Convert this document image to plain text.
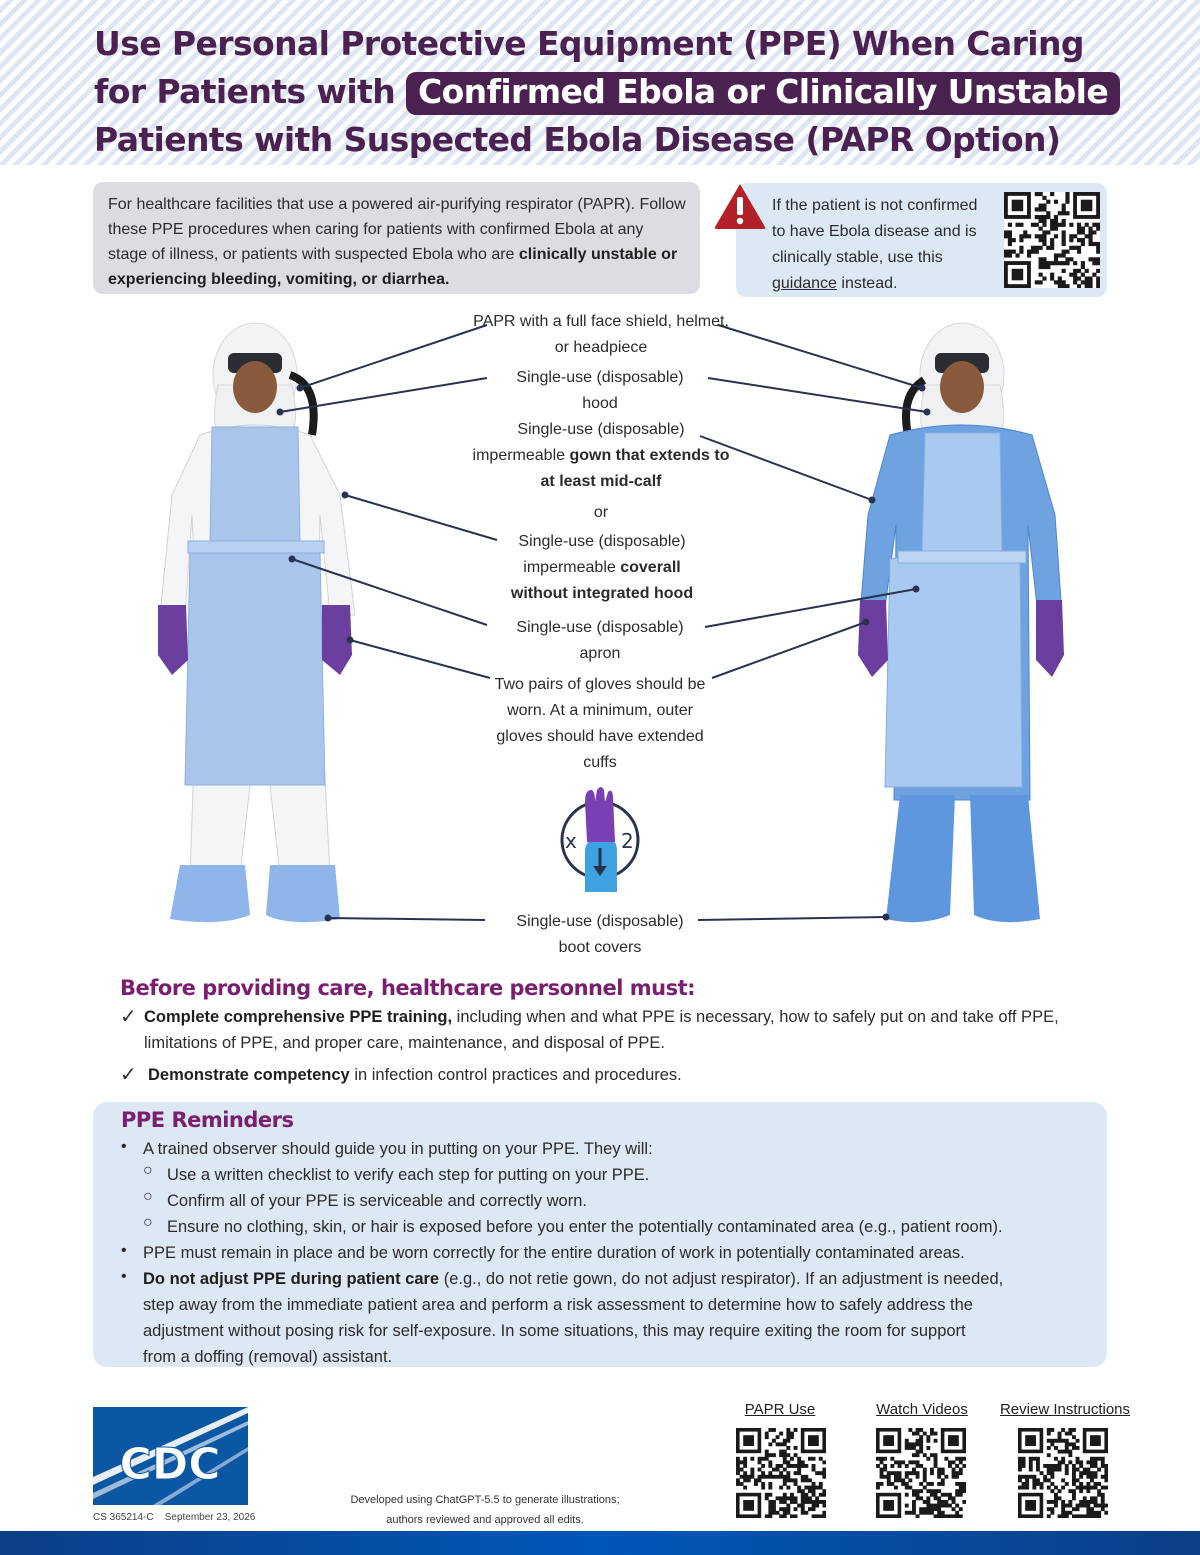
Use Personal Protective Equipment (PPE) When Caring
for Patients with Confirmed Ebola or Clinically Unstable
Patients with Suspected Ebola Disease (PAPR Option)
For healthcare facilities that use a powered air-purifying respirator (PAPR). Follow these PPE procedures when caring for patients with confirmed Ebola at any stage of illness, or patients with suspected Ebola who are clinically unstable or experiencing bleeding, vomiting, or diarrhea.
If the patient is not confirmed to have Ebola disease and is clinically stable, use this guidance instead.
PAPR with a full face shield, helmet, or headpiece
Single-use (disposable) hood
Single-use (disposable) impermeable gown that extends to at least mid-calf
or
Single-use (disposable) impermeable coverall without integrated hood
Single-use (disposable) apron
Two pairs of gloves should be worn. At a minimum, outer gloves should have extended cuffs
x 2
Single-use (disposable) boot covers
Before providing care, healthcare personnel must:
✓ Complete comprehensive PPE training, including when and what PPE is necessary, how to safely put on and take off PPE, limitations of PPE, and proper care, maintenance, and disposal of PPE.
✓ Demonstrate competency in infection control practices and procedures.
PPE Reminders
• A trained observer should guide you in putting on your PPE. They will:
○ Use a written checklist to verify each step for putting on your PPE.
○ Confirm all of your PPE is serviceable and correctly worn.
○ Ensure no clothing, skin, or hair is exposed before you enter the potentially contaminated area (e.g., patient room).
• PPE must remain in place and be worn correctly for the entire duration of work in potentially contaminated areas.
• Do not adjust PPE during patient care (e.g., do not retie gown, do not adjust respirator). If an adjustment is needed,
step away from the immediate patient area and perform a risk assessment to determine how to safely address the
adjustment without posing risk for self-exposure. In some situations, this may require exiting the room for support
from a doffing (removal) assistant.
CDC
CS 365214-C September 23, 2026
Developed using ChatGPT-5.5 to generate illustrations;
authors reviewed and approved all edits.
PAPR Use	Watch Videos	Review Instructions
